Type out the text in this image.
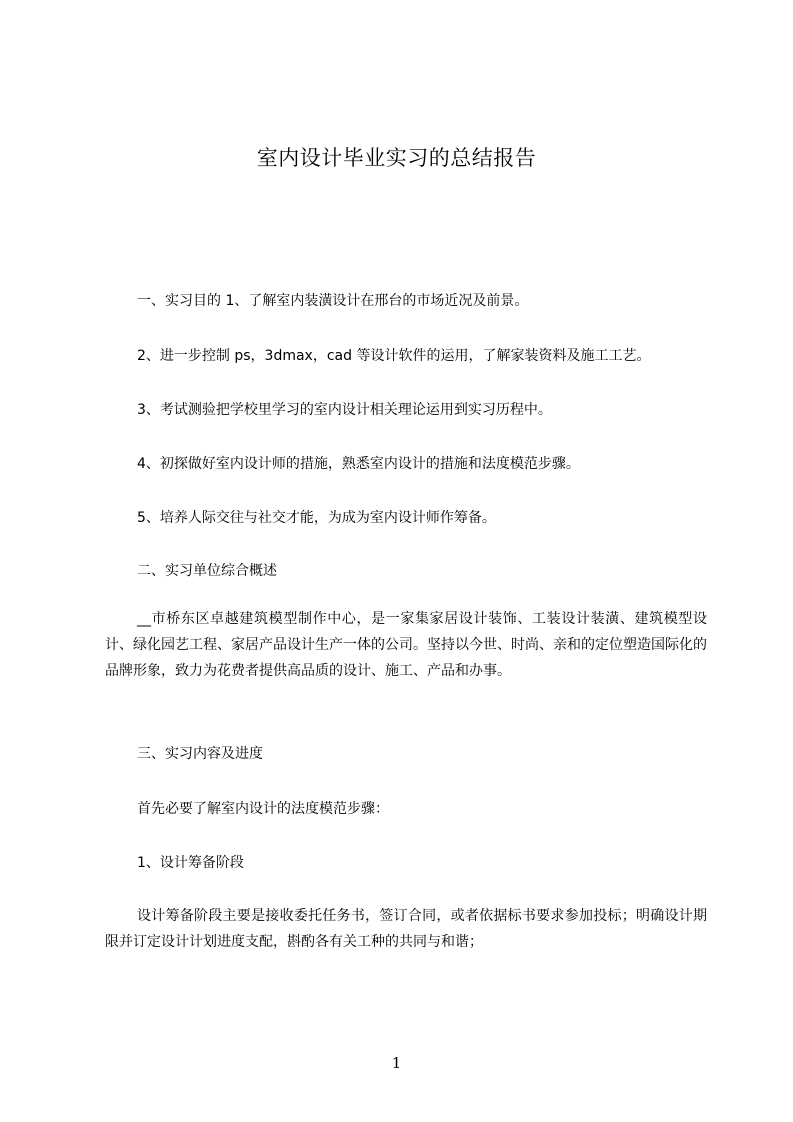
室内设计毕业实习的总结报告
一、实习目的 1、了解室内装潢设计在邢台的市场近况及前景。
2、进一步控制 ps，3dmax，cad 等设计软件的运用，了解家装资料及施工工艺。
3、考试测验把学校里学习的室内设计相关理论运用到实习历程中。
4、初探做好室内设计师的措施，熟悉室内设计的措施和法度模范步骤。
5、培养人际交往与社交才能，为成为室内设计师作筹备。
二、实习单位综合概述
__市桥东区卓越建筑模型制作中心，是一家集家居设计装饰、工装设计装潢、建筑模型设计、绿化园艺工程、家居产品设计生产一体的公司。坚持以今世、时尚、亲和的定位塑造国际化的品牌形象，致力为花费者提供高品质的设计、施工、产品和办事。
三、实习内容及进度
首先必要了解室内设计的法度模范步骤：
1、设计筹备阶段
设计筹备阶段主要是接收委托任务书，签订合同，或者依据标书要求参加投标；明确设计期限并订定设计计划进度支配，斟酌各有关工种的共同与和谐；
1
